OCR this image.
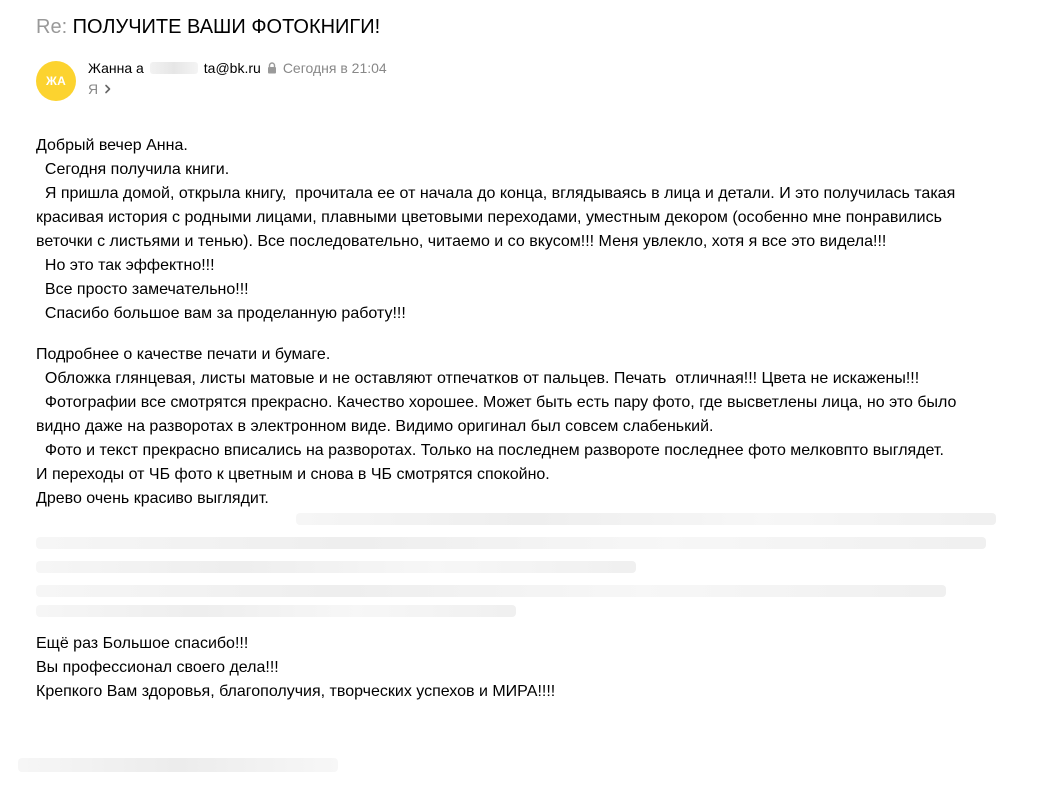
Re: ПОЛУЧИТЕ ВАШИ ФОТОКНИГИ!
ЖА
Жанна а	ta@bk.ru Сегодня в 21:04
Я

Добрый вечер Анна.

Сегодня получила книги.

Я пришла домой, открыла книгу,  прочитала ее от начала до конца, вглядываясь в лица и детали. И это получилась такая красивая история с родными лицами, плавными цветовыми переходами, уместным декором (особенно мне понравились веточки с листьями и тенью). Все последовательно, читаемо и со вкусом!!! Меня увлекло, хотя я все это видела!!!

Но это так эффектно!!!

Все просто замечательно!!!

Спасибо большое вам за проделанную работу!!!

Подробнее о качестве печати и бумаге.

Обложка глянцевая, листы матовые и не оставляют отпечатков от пальцев. Печать  отличная!!! Цвета не искажены!!!

Фотографии все смотрятся прекрасно. Качество хорошее. Может быть есть пару фото, где высветлены лица, но это было видно даже на разворотах в электронном виде. Видимо оригинал был совсем слабенький.

Фото и текст прекрасно вписались на разворотах. Только на последнем развороте последнее фото мелковпто выглядет.

И переходы от ЧБ фото к цветным и снова в ЧБ смотрятся спокойно.

Древо очень красиво выглядит.

Ещё раз Большое спасибо!!!

Вы профессионал своего дела!!!

Крепкого Вам здоровья, благополучия, творческих успехов и МИРА!!!!
